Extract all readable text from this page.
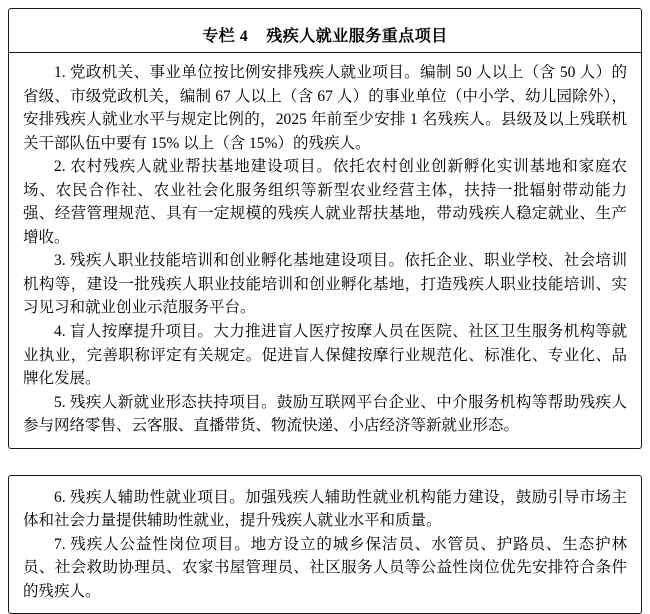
专栏 4 残疾人就业服务重点项目

1. 党政机关、事业单位按比例安排残疾人就业项目。编制 50 人以上（含 50 人）的省级、市级党政机关，编制 67 人以上（含 67 人）的事业单位（中小学、幼儿园除外），安排残疾人就业水平与规定比例的，2025 年前至少安排 1 名残疾人。县级及以上残联机关干部队伍中要有 15% 以上（含 15%）的残疾人。

2. 农村残疾人就业帮扶基地建设项目。依托农村创业创新孵化实训基地和家庭农场、农民合作社、农业社会化服务组织等新型农业经营主体，扶持一批辐射带动能力强、经营管理规范、具有一定规模的残疾人就业帮扶基地，带动残疾人稳定就业、生产增收。

3. 残疾人职业技能培训和创业孵化基地建设项目。依托企业、职业学校、社会培训机构等，建设一批残疾人职业技能培训和创业孵化基地，打造残疾人职业技能培训、实习见习和就业创业示范服务平台。

4. 盲人按摩提升项目。大力推进盲人医疗按摩人员在医院、社区卫生服务机构等就业执业，完善职称评定有关规定。促进盲人保健按摩行业规范化、标准化、专业化、品牌化发展。

5. 残疾人新就业形态扶持项目。鼓励互联网平台企业、中介服务机构等帮助残疾人参与网络零售、云客服、直播带货、物流快递、小店经济等新就业形态。

6. 残疾人辅助性就业项目。加强残疾人辅助性就业机构能力建设，鼓励引导市场主体和社会力量提供辅助性就业，提升残疾人就业水平和质量。

7. 残疾人公益性岗位项目。地方设立的城乡保洁员、水管员、护路员、生态护林员、社会救助协理员、农家书屋管理员、社区服务人员等公益性岗位优先安排符合条件的残疾人。
